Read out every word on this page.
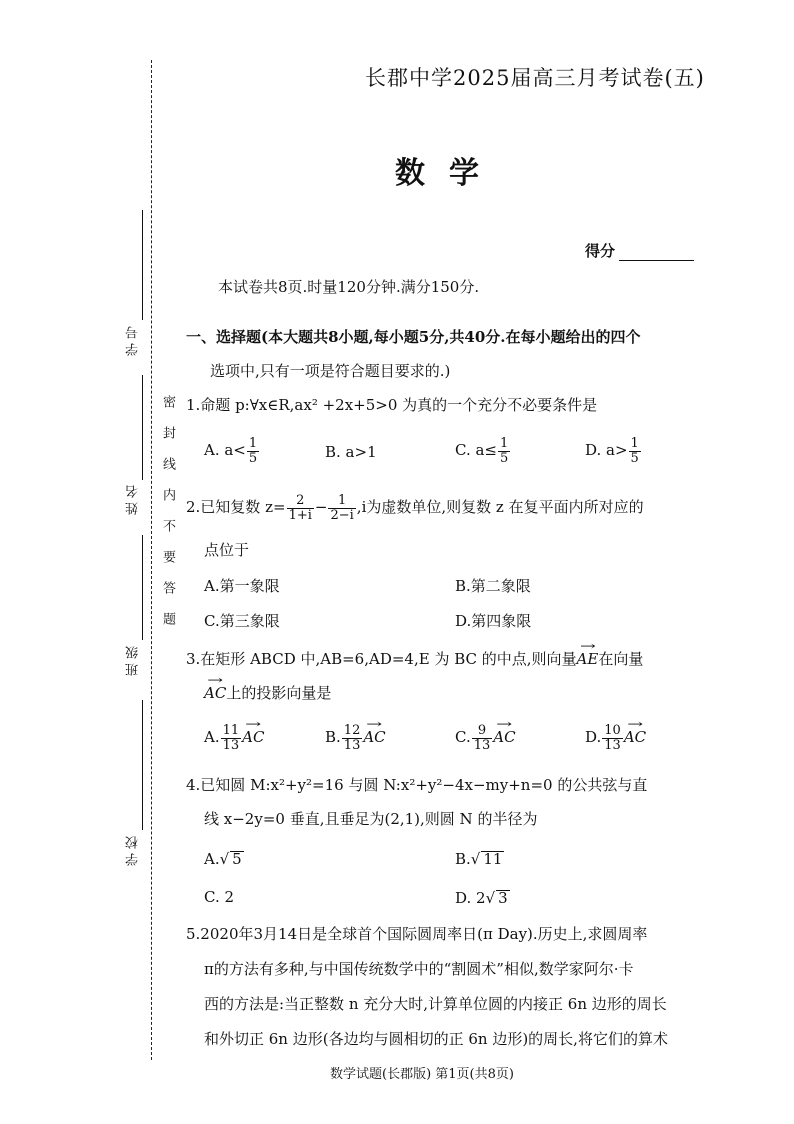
学 号
姓 名
班 级
学 校
密封线内不要答题
长郡中学2025届高三月考试卷(五)
数学
得分
本试卷共8页.时量120分钟.满分150分.
一、选择题(本大题共8小题,每小题5分,共40分.在每小题给出的四个
选项中,只有一项是符合题目要求的.)
1.命题 p:∀x∈R,ax² +2x+5>0 为真的一个充分不必要条件是
A. $a< \frac{1}{5}$	B. a>1	C. $a\le \frac{1}{5}$	D. $a> \frac{1}{5}$
2.已知复数 $z= \frac{2}{1+i} - \frac{1}{2-i} ,i$为虚数单位,则复数 z 在复平面内所对应的
点位于
A.第一象限	B.第二象限
C.第三象限	D.第四象限
3.在矩形 ABCD 中,AB=6,AD=4,E 为 BC 的中点,则向量→ AE在向量
→ AC上的投影向量是
A. $\frac{11}{13}$ → AC	B. $\frac{12}{13}$ → AC	C. $\frac{9}{13}$ → AC	D. $\frac{10}{13}$ → AC
4.已知圆 M:x²+y²=16 与圆 N:x²+y²−4x−my+n=0 的公共弦与直
线 x−2y=0 垂直,且垂足为(2,1),则圆 N 的半径为
A.√ 5	B.√ 11
C. 2	D. 2√ 3
5.2020年3月14日是全球首个国际圆周率日(π Day).历史上,求圆周率
π的方法有多种,与中国传统数学中的“割圆术”相似,数学家阿尔·卡
西的方法是:当正整数 n 充分大时,计算单位圆的内接正 6n 边形的周长
和外切正 6n 边形(各边均与圆相切的正 6n 边形)的周长,将它们的算术
数学试题(长郡版) 第1页(共8页)
